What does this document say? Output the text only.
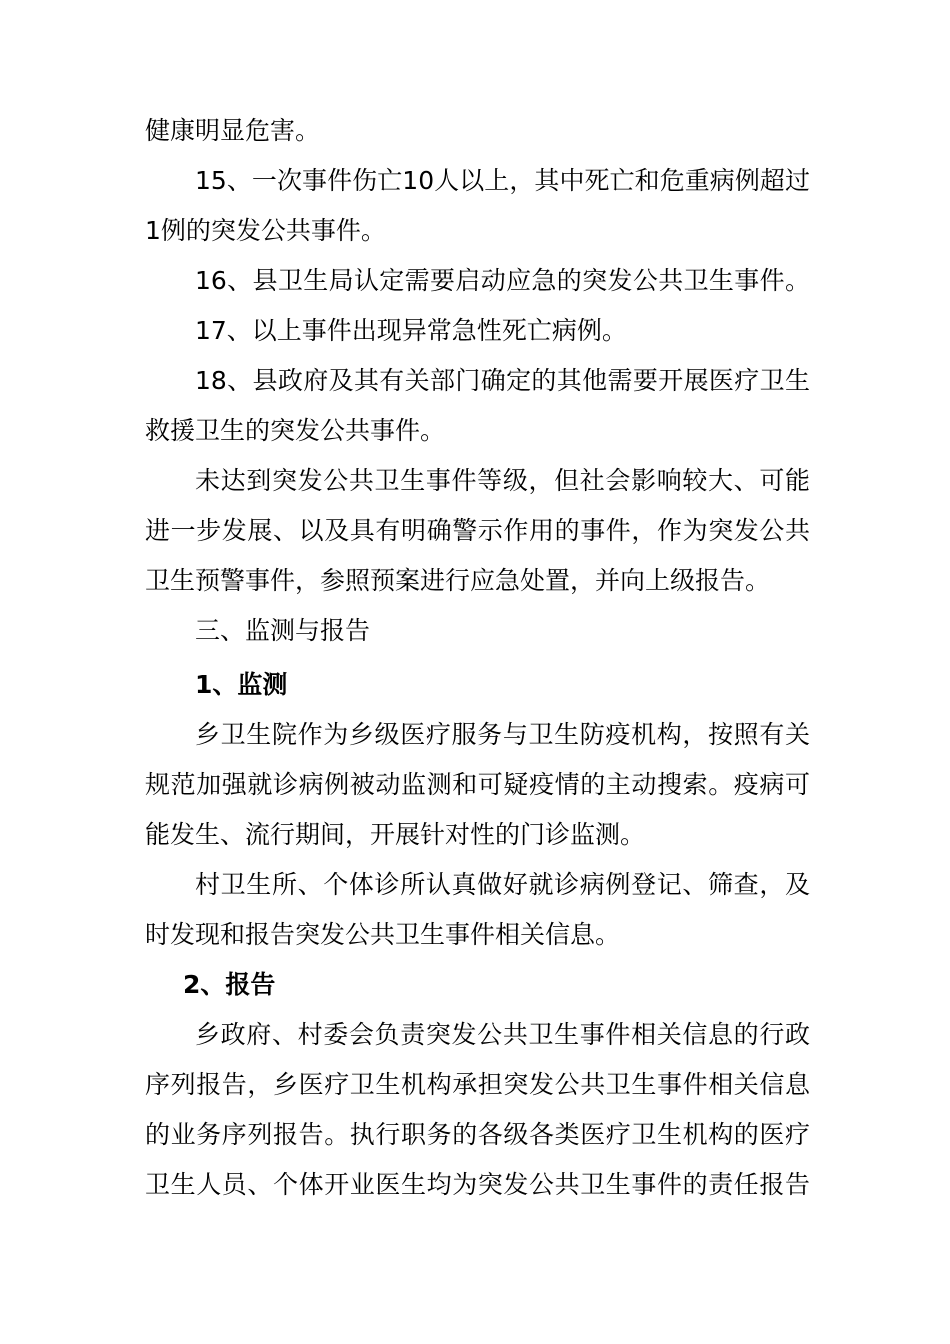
健康明显危害。
15、一次事件伤亡10人以上，其中死亡和危重病例超过
1例的突发公共事件。
16、县卫生局认定需要启动应急的突发公共卫生事件。
17、以上事件出现异常急性死亡病例。
18、县政府及其有关部门确定的其他需要开展医疗卫生
救援卫生的突发公共事件。
未达到突发公共卫生事件等级，但社会影响较大、可能
进一步发展、以及具有明确警示作用的事件，作为突发公共
卫生预警事件，参照预案进行应急处置，并向上级报告。
三、监测与报告
1、监测
乡卫生院作为乡级医疗服务与卫生防疫机构，按照有关
规范加强就诊病例被动监测和可疑疫情的主动搜索。疫病可
能发生、流行期间，开展针对性的门诊监测。
村卫生所、个体诊所认真做好就诊病例登记、筛查，及
时发现和报告突发公共卫生事件相关信息。
2、报告
乡政府、村委会负责突发公共卫生事件相关信息的行政
序列报告，乡医疗卫生机构承担突发公共卫生事件相关信息
的业务序列报告。执行职务的各级各类医疗卫生机构的医疗
卫生人员、个体开业医生均为突发公共卫生事件的责任报告
